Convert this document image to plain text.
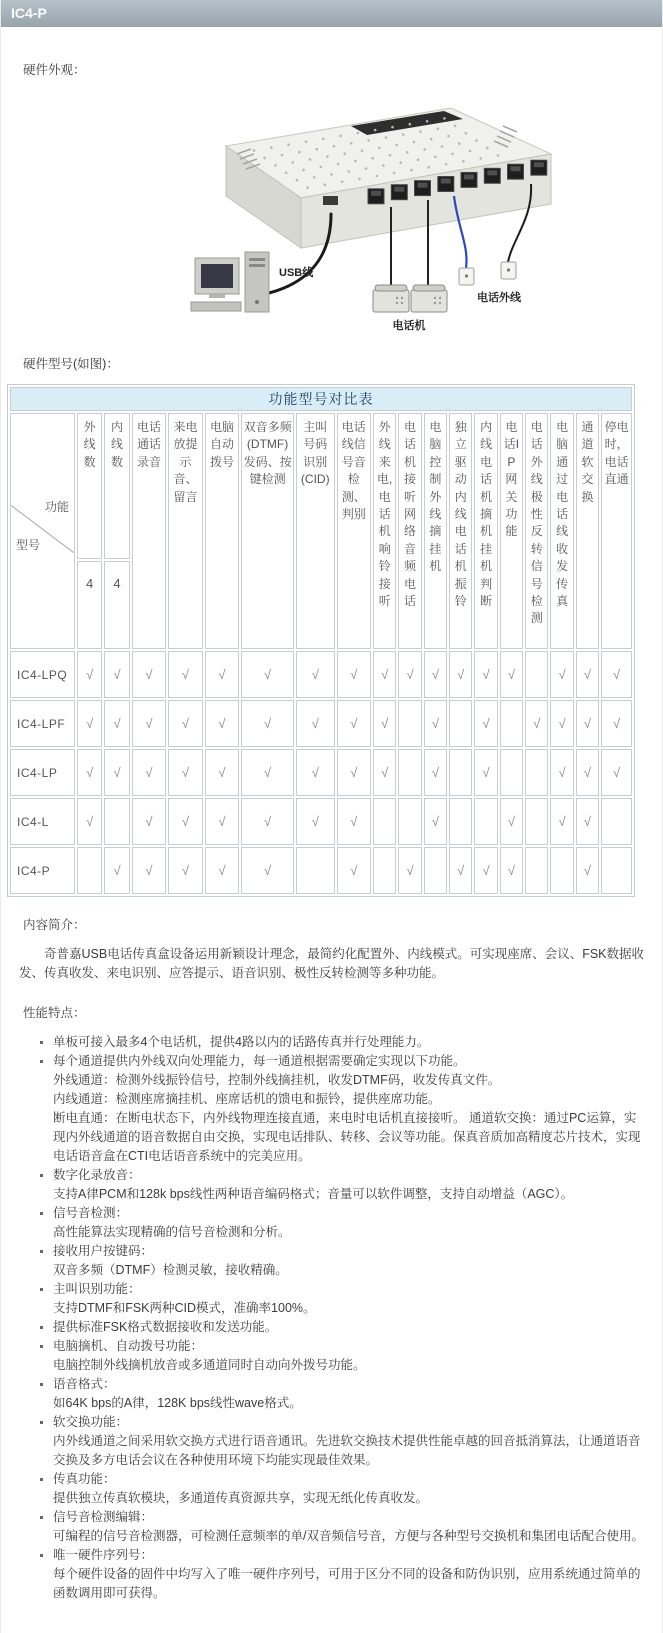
IC4-P
硬件外观：
USB线
电话机
电话外线
硬件型号(如图)：
功能型号对比表																		

功能
型号	外线数	内线数	电话通话录音	来电放提示音、留言	电脑自动拨号	双音多频(DTMF)发码、按键检测	主叫号码识别(CID)	电话线信号音检测、判别	外线来电,电话机响铃接听	电话机接听网络音频电话	电脑控制外线摘挂机	独立驱动内线电话机振铃	内线电话机摘机挂机判断	电话IP网关功能	电话外线极性反转信号检测	电脑通过电话线收发传真	通道软交换	停电时，电话直通
	4	4																
IC4-LPQ	√	√	√	√	√	√	√	√	√	√	√	√	√	√		√	√	√
IC4-LPF	√	√	√	√	√	√	√	√	√		√		√		√	√	√	√
IC4-LP	√	√	√	√	√	√	√	√	√		√		√			√	√	√
IC4-L	√		√	√	√	√	√	√			√			√		√	√	
IC4-P		√	√	√	√	√		√		√		√	√	√			√	
内容简介：

奇普嘉USB电话传真盒设备运用新颖设计理念，最简约化配置外、内线模式。可实现座席、会议、FSK数据收发、传真收发、来电识别、应答提示、语音识别、极性反转检测等多种功能。

性能特点：
单板可接入最多4个电话机，提供4路以内的话路传真并行处理能力。
每个通道提供内外线双向处理能力，每一通道根据需要确定实现以下功能。
外线通道：检测外线振铃信号，控制外线摘挂机，收发DTMF码，收发传真文件。
内线通道：检测座席摘挂机、座席话机的馈电和振铃，提供座席功能。
断电直通：在断电状态下，内外线物理连接直通，来电时电话机直接接听。 通道软交换：通过PC运算，实现内外线通道的语音数据自由交换，实现电话排队、转移、会议等功能。保真音质加高精度芯片技术，实现电话语音盒在CTI电话语音系统中的完美应用。
数字化录放音：
支持A律PCM和128k bps线性两种语音编码格式；音量可以软件调整，支持自动增益（AGC）。
信号音检测：
高性能算法实现精确的信号音检测和分析。
接收用户按键码：
双音多频（DTMF）检测灵敏，接收精确。
主叫识别功能：
支持DTMF和FSK两种CID模式，准确率100%。
提供标准FSK格式数据接收和发送功能。
电脑摘机、自动拨号功能：
电脑控制外线摘机放音或多通道同时自动向外拨号功能。
语音格式：
如64K bps的A律，128K bps线性wave格式。
软交换功能：
内外线通道之间采用软交换方式进行语音通讯。先进软交换技术提供性能卓越的回音抵消算法，让通道语音交换及多方电话会议在各种使用环境下均能实现最佳效果。
传真功能：
提供独立传真软模块，多通道传真资源共享，实现无纸化传真收发。
信号音检测编辑：
可编程的信号音检测器，可检测任意频率的单/双音频信号音，方便与各种型号交换机和集团电话配合使用。
唯一硬件序列号：
每个硬件设备的固件中均写入了唯一硬件序列号，可用于区分不同的设备和防伪识别，应用系统通过简单的函数调用即可获得。
